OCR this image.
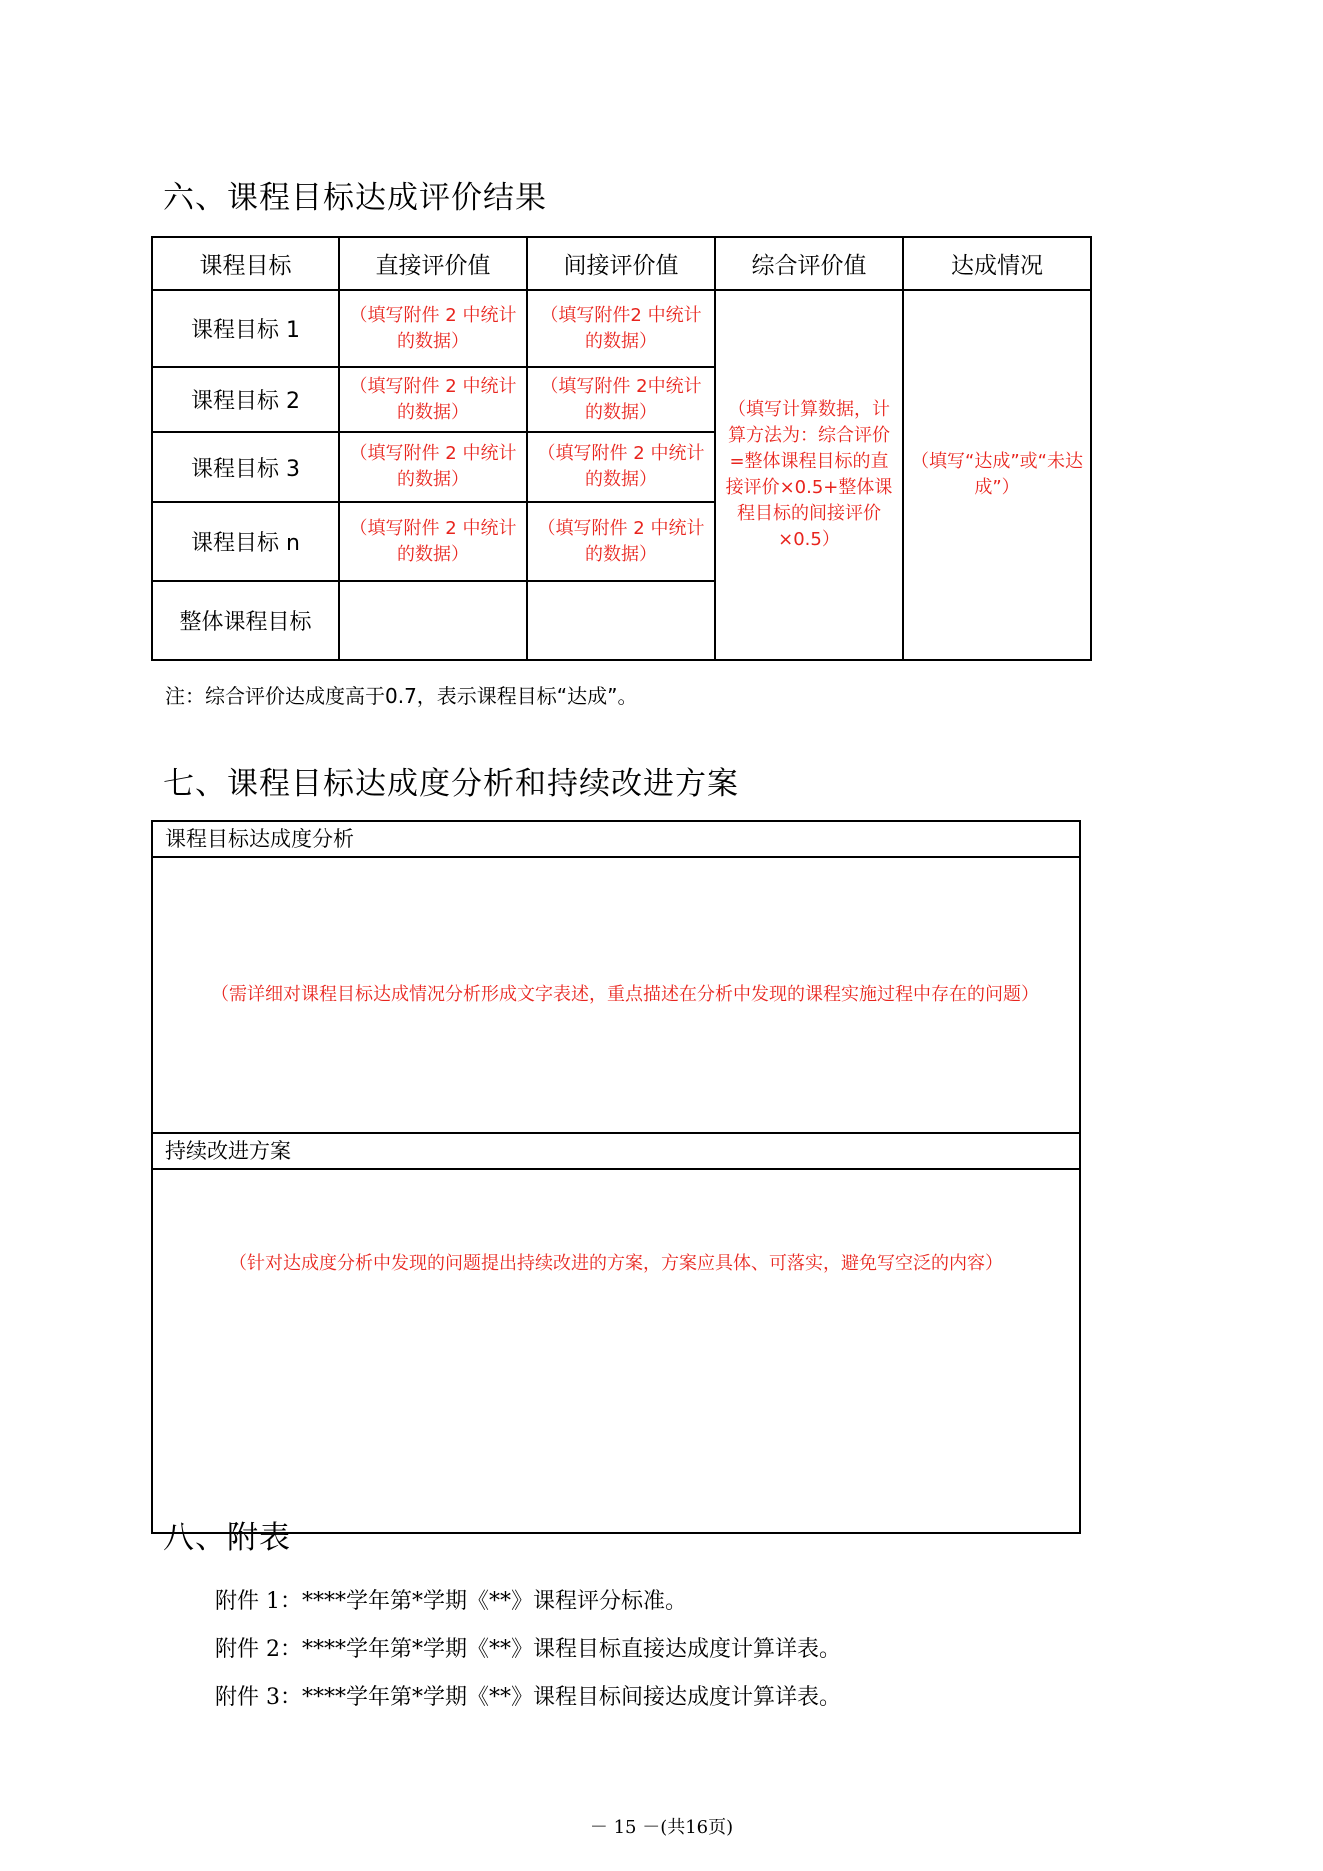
六、课程目标达成评价结果
课程目标	直接评价值	间接评价值	综合评价值	达成情况
课程目标 1	（填写附件 2 中统计的数据）	（填写附件2 中统计的数据）	（填写计算数据，计算方法为：综合评价=整体课程目标的直接评价×0.5+整体课程目标的间接评价×0.5）	（填写“达成”或“未达成”）
课程目标 2	（填写附件 2 中统计的数据）	（填写附件 2中统计的数据）		
课程目标 3	（填写附件 2 中统计的数据）	（填写附件 2 中统计的数据）		
课程目标 n	（填写附件 2 中统计的数据）	（填写附件 2 中统计的数据）		
整体课程目标				

注：综合评价达成度高于0.7，表示课程目标“达成”。

七、课程目标达成度分析和持续改进方案
课程目标达成度分析

（需详细对课程目标达成情况分析形成文字表述，重点描述在分析中发现的课程实施过程中存在的问题）

持续改进方案

（针对达成度分析中发现的问题提出持续改进的方案，方案应具体、可落实，避免写空泛的内容）

八、附表

附件 1：****学年第*学期《**》课程评分标准。

附件 2：****学年第*学期《**》课程目标直接达成度计算详表。

附件 3：****学年第*学期《**》课程目标间接达成度计算详表。

－ 15 －(共16页)
